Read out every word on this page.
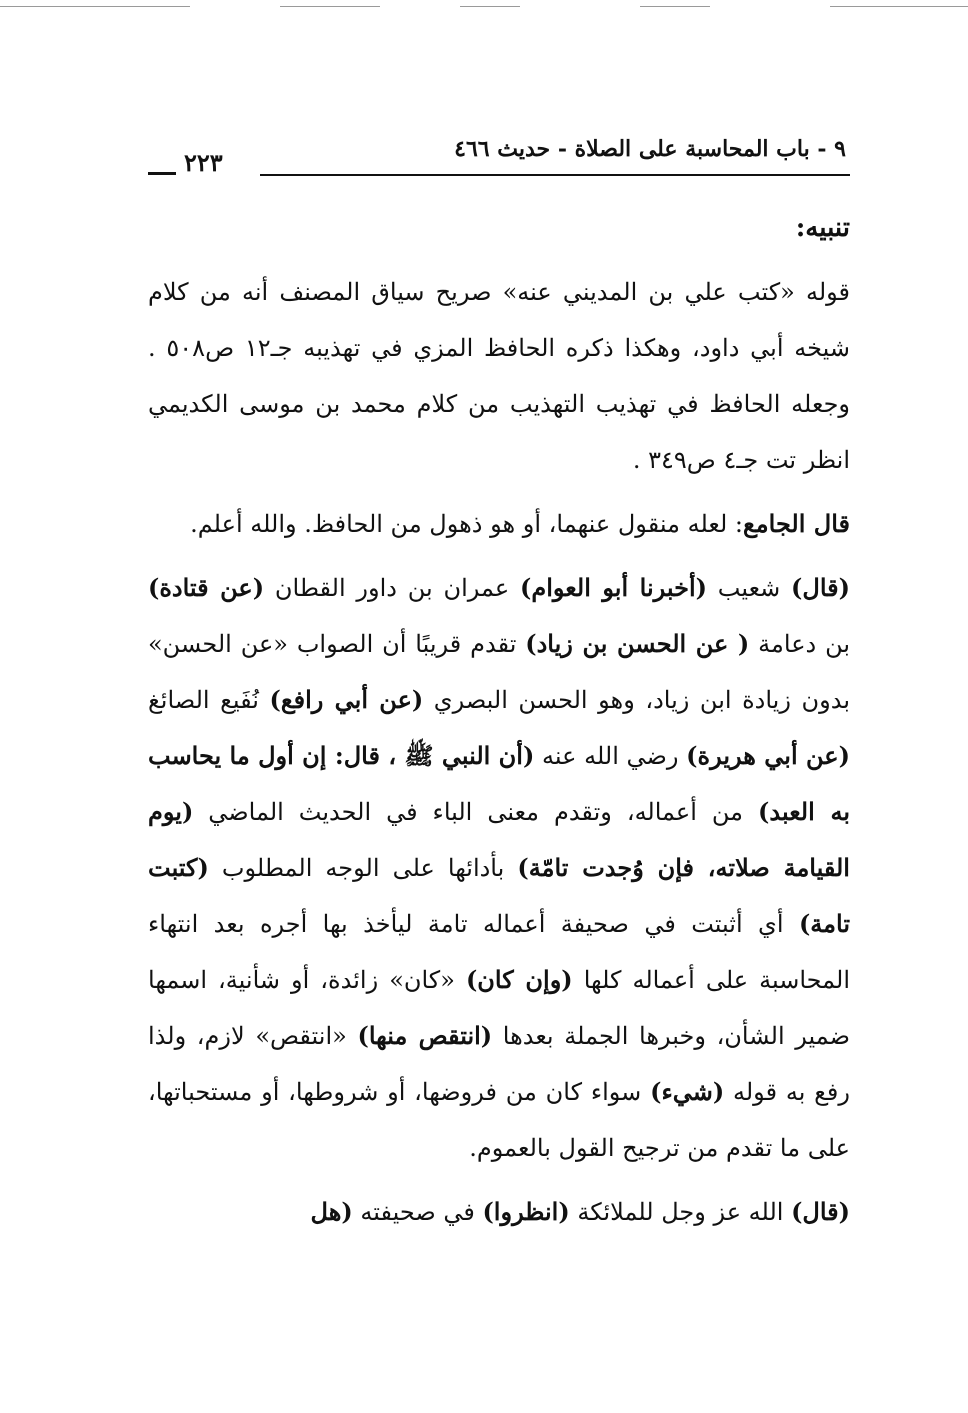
٩ - باب المحاسبة على الصلاة - حديث ٤٦٦
٢٢٣
تنبيه:

قوله «كتب علي بن المديني عنه» صريح سياق المصنف أنه من كلام شيخه أبي داود، وهكذا ذكره الحافظ المزي في تهذيبه جـ١٢ ص٥٠٨ . وجعله الحافظ في تهذيب التهذيب من كلام محمد بن موسى الكديمي انظر تت جـ٤ ص٣٤٩ .

قال الجامع: لعله منقول عنهما، أو هو ذهول من الحافظ. والله أعلم.

(قال) شعيب (أخبرنا أبو العوام) عمران بن داور القطان (عن قتادة) بن دعامة ( عن الحسن بن زياد) تقدم قريبًا أن الصواب «عن الحسن» بدون زيادة ابن زياد، وهو الحسن البصري (عن أبي رافع) نُفَيع الصائغ (عن أبي هريرة) رضي الله عنه (أن النبي ﷺ ، قال: إن أول ما يحاسب به العبد) من أعماله، وتقدم معنى الباء في الحديث الماضي (يوم القيامة صلاته، فإن وُجدت تامّة) بأدائها على الوجه المطلوب (كتبت تامة) أي أثبتت في صحيفة أعماله تامة ليأخذ بها أجره بعد انتهاء المحاسبة على أعماله كلها (وإن كان) «كان» زائدة، أو شأنية، اسمها ضمير الشأن، وخبرها الجملة بعدها (انتقص منها) «انتقص» لازم، ولذا رفع به قوله (شيء) سواء كان من فروضها، أو شروطها، أو مستحباتها، على ما تقدم من ترجيح القول بالعموم.

(قال) الله عز وجل للملائكة (انظروا) في صحيفته (هل
